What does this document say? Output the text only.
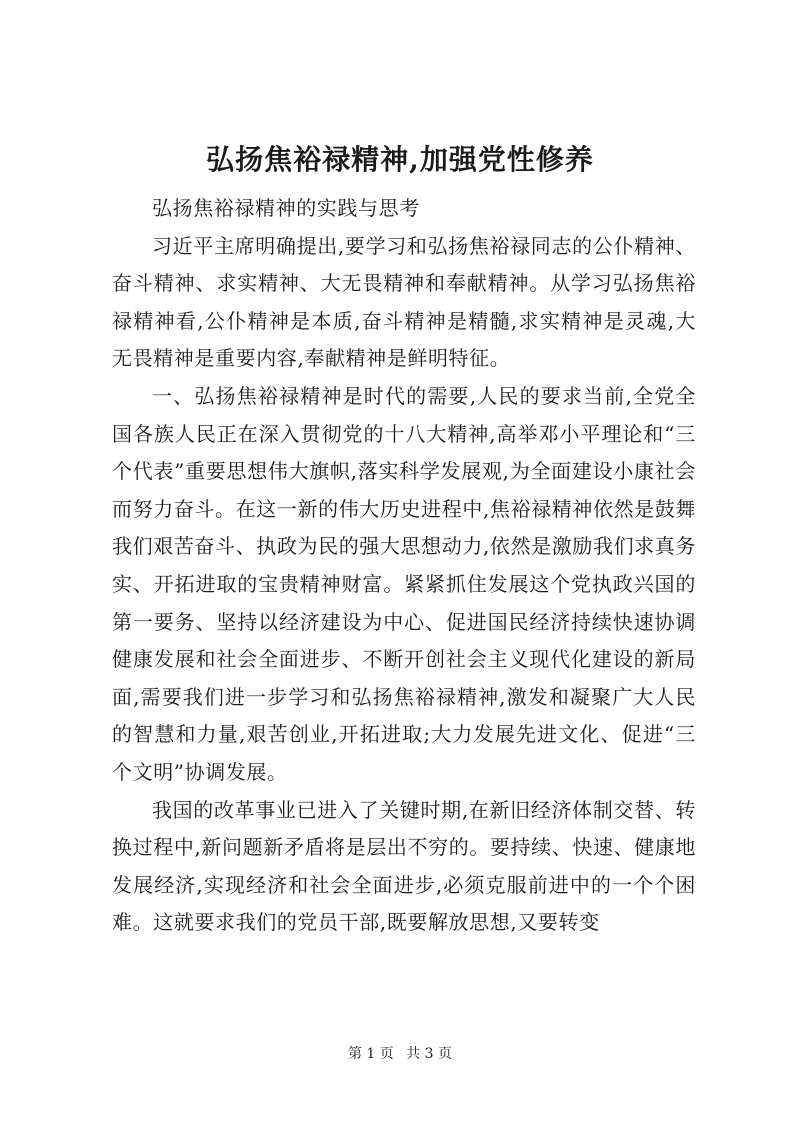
弘扬焦裕禄精神,加强党性修养

弘扬焦裕禄精神的实践与思考

习近平主席明确提出,要学习和弘扬焦裕禄同志的公仆精神、奋斗精神、求实精神、大无畏精神和奉献精神。从学习弘扬焦裕禄精神看,公仆精神是本质,奋斗精神是精髓,求实精神是灵魂,大无畏精神是重要内容,奉献精神是鲜明特征。

一、弘扬焦裕禄精神是时代的需要,人民的要求当前,全党全国各族人民正在深入贯彻党的十八大精神,高举邓小平理论和“三个代表”重要思想伟大旗帜,落实科学发展观,为全面建设小康社会而努力奋斗。在这一新的伟大历史进程中,焦裕禄精神依然是鼓舞我们艰苦奋斗、执政为民的强大思想动力,依然是激励我们求真务实、开拓进取的宝贵精神财富。紧紧抓住发展这个党执政兴国的第一要务、坚持以经济建设为中心、促进国民经济持续快速协调健康发展和社会全面进步、不断开创社会主义现代化建设的新局面,需要我们进一步学习和弘扬焦裕禄精神,激发和凝聚广大人民的智慧和力量,艰苦创业,开拓进取;大力发展先进文化、促进“三个文明”协调发展。

我国的改革事业已进入了关键时期,在新旧经济体制交替、转换过程中,新问题新矛盾将是层出不穷的。要持续、快速、健康地发展经济,实现经济和社会全面进步,必须克服前进中的一个个困难。这就要求我们的党员干部,既要解放思想,又要转变

第 1 页 共 3 页
